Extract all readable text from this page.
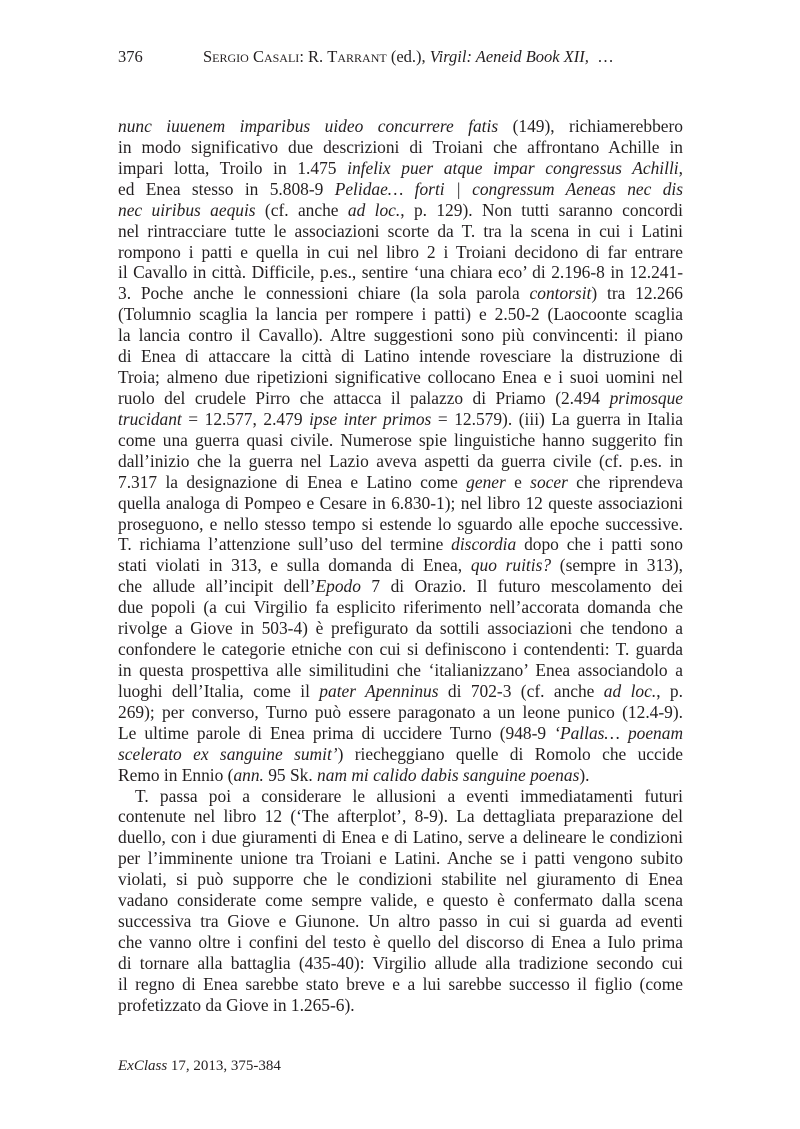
376	Sergio Casali: R. Tarrant (ed.), Virgil: Aeneid Book XII,  …
nunc iuuenem imparibus uideo concurrere fatis (149), richiamerebbero
in modo significativo due descrizioni di Troiani che affrontano Achille in
impari lotta, Troilo in 1.475 infelix puer atque impar congressus Achilli,
ed Enea stesso in 5.808-9 Pelidae… forti | congressum Aeneas nec dis
nec uiribus aequis (cf. anche ad loc., p. 129). Non tutti saranno concordi
nel rintracciare tutte le associazioni scorte da T. tra la scena in cui i Latini
rompono i patti e quella in cui nel libro 2 i Troiani decidono di far entrare
il Cavallo in città. Difficile, p.es., sentire ‘una chiara eco’ di 2.196-8 in 12.241-
3. Poche anche le connessioni chiare (la sola parola contorsit) tra 12.266
(Tolumnio scaglia la lancia per rompere i patti) e 2.50-2 (Laocoonte scaglia
la lancia contro il Cavallo). Altre suggestioni sono più convincenti: il piano
di Enea di attaccare la città di Latino intende rovesciare la distruzione di
Troia; almeno due ripetizioni significative collocano Enea e i suoi uomini nel
ruolo del crudele Pirro che attacca il palazzo di Priamo (2.494 primosque
trucidant = 12.577, 2.479 ipse inter primos = 12.579). (iii) La guerra in Italia
come una guerra quasi civile. Numerose spie linguistiche hanno suggerito fin
dall’inizio che la guerra nel Lazio aveva aspetti da guerra civile (cf. p.es. in
7.317 la designazione di Enea e Latino come gener e socer che riprendeva
quella analoga di Pompeo e Cesare in 6.830-1); nel libro 12 queste associazioni
proseguono, e nello stesso tempo si estende lo sguardo alle epoche successive.
T. richiama l’attenzione sull’uso del termine discordia dopo che i patti sono
stati violati in 313, e sulla domanda di Enea, quo ruitis? (sempre in 313),
che allude all’incipit dell’Epodo 7 di Orazio. Il futuro mescolamento dei
due popoli (a cui Virgilio fa esplicito riferimento nell’accorata domanda che
rivolge a Giove in 503-4) è prefigurato da sottili associazioni che tendono a
confondere le categorie etniche con cui si definiscono i contendenti: T. guarda
in questa prospettiva alle similitudini che ‘italianizzano’ Enea associandolo a
luoghi dell’Italia, come il pater Apenninus di 702-3 (cf. anche ad loc., p.
269); per converso, Turno può essere paragonato a un leone punico (12.4-9).
Le ultime parole di Enea prima di uccidere Turno (948-9 ‘Pallas… poenam
scelerato ex sanguine sumit’) riecheggiano quelle di Romolo che uccide
Remo in Ennio (ann. 95 Sk. nam mi calido dabis sanguine poenas).
T. passa poi a considerare le allusioni a eventi immediatamenti futuri
contenute nel libro 12 (‘The afterplot’, 8-9). La dettagliata preparazione del
duello, con i due giuramenti di Enea e di Latino, serve a delineare le condizioni
per l’imminente unione tra Troiani e Latini. Anche se i patti vengono subito
violati, si può supporre che le condizioni stabilite nel giuramento di Enea
vadano considerate come sempre valide, e questo è confermato dalla scena
successiva tra Giove e Giunone. Un altro passo in cui si guarda ad eventi
che vanno oltre i confini del testo è quello del discorso di Enea a Iulo prima
di tornare alla battaglia (435-40): Virgilio allude alla tradizione secondo cui
il regno di Enea sarebbe stato breve e a lui sarebbe successo il figlio (come
profetizzato da Giove in 1.265-6).
ExClass 17, 2013, 375-384
